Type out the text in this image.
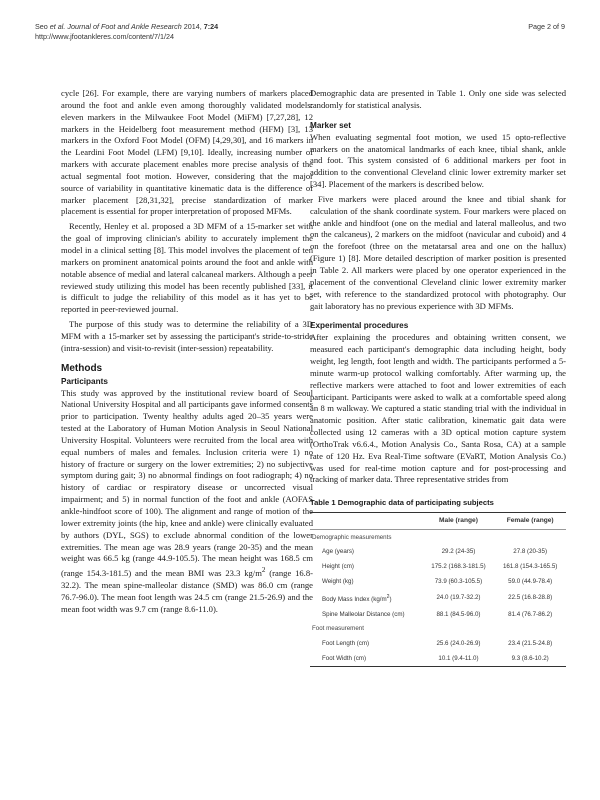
Seo et al. Journal of Foot and Ankle Research 2014, 7:24
http://www.jfootankleres.com/content/7/1/24
Page 2 of 9

cycle [26]. For example, there are varying numbers of markers placed around the foot and ankle even among thoroughly validated models: eleven markers in the Milwaukee Foot Model (MiFM) [7,27,28], 12 markers in the Heidelberg foot measurement method (HFM) [3], 13 markers in the Oxford Foot Model (OFM) [4,29,30], and 16 markers in the Leardini Foot Model (LFM) [9,10]. Ideally, increasing number of markers with accurate placement enables more precise analysis of the actual segmental foot motion. However, considering that the major source of variability in quantitative kinematic data is the difference of marker placement [28,31,32], precise standardization of marker placement is essential for proper interpretation of proposed MFMs.

Recently, Henley et al. proposed a 3D MFM of a 15-marker set with the goal of improving clinician's ability to accurately implement the model in a clinical setting [8]. This model involves the placement of ten markers on prominent anatomical points around the foot and ankle with notable absence of medial and lateral calcaneal markers. Although a peer reviewed study utilizing this model has been recently published [33], it is difficult to judge the reliability of this model as it has yet to be reported in peer-reviewed journal.

The purpose of this study was to determine the reliability of a 3D MFM with a 15-marker set by assessing the participant's stride-to-stride (intra-session) and visit-to-revisit (inter-session) repeatability.

Methods
Participants

This study was approved by the institutional review board of Seoul National University Hospital and all participants gave informed consents prior to participation. Twenty healthy adults aged 20–35 years were tested at the Laboratory of Human Motion Analysis in Seoul National University Hospital. Volunteers were recruited from the local area with equal numbers of males and females. Inclusion criteria were 1) no history of fracture or surgery on the lower extremities; 2) no subjective symptom during gait; 3) no abnormal findings on foot radiograph; 4) no history of cardiac or respiratory disease or uncorrected visual impairment; and 5) in normal function of the foot and ankle (AOFAS ankle-hindfoot score of 100). The alignment and range of motion of the lower extremity joints (the hip, knee and ankle) were clinically evaluated by authors (DYL, SGS) to exclude abnormal condition of the lower extremities. The mean age was 28.9 years (range 20-35) and the mean weight was 66.5 kg (range 44.9-105.5). The mean height was 168.5 cm (range 154.3-181.5) and the mean BMI was 23.3 $kg/m^2$ (range 16.8-32.2). The mean spine-malleolar distance (SMD) was 86.0 cm (range 76.7-96.0). The mean foot length was 24.5 cm (range 21.5-26.9) and the mean foot width was 9.7 cm (range 8.6-11.0).

Demographic data are presented in Table 1. Only one side was selected randomly for statistical analysis.

Marker set

When evaluating segmental foot motion, we used 15 opto-reflective markers on the anatomical landmarks of each knee, tibial shank, ankle and foot. This system consisted of 6 additional markers per foot in addition to the conventional Cleveland clinic lower extremity marker set [34]. Placement of the markers is described below.

Five markers were placed around the knee and tibial shank for calculation of the shank coordinate system. Four markers were placed on the ankle and hindfoot (one on the medial and lateral malleolus, and two on the calcaneus), 2 markers on the midfoot (navicular and cuboid) and 4 on the forefoot (three on the metatarsal area and one on the hallux) (Figure 1) [8]. More detailed description of marker position is presented in Table 2. All markers were placed by one operator experienced in the placement of the conventional Cleveland clinic lower extremity marker set, with reference to the standardized protocol with photography. Our gait laboratory has no previous experience with 3D MFMs.

Experimental procedures

After explaining the procedures and obtaining written consent, we measured each participant's demographic data including height, body weight, leg length, foot length and width. The participants performed a 5-minute warm-up protocol walking comfortably. After warming up, the reflective markers were attached to foot and lower extremities of each participant. Participants were asked to walk at a comfortable speed along an 8 m walkway. We captured a static standing trial with the individual in anatomic position. After static calibration, kinematic gait data were collected using 12 cameras with a 3D optical motion capture system (OrthoTrak v6.6.4., Motion Analysis Co., Santa Rosa, CA) at a sample rate of 120 Hz. Eva Real-Time software (EVaRT, Motion Analysis Co.) was used for real-time motion capture and for post-processing and tracking of marker data. Three representative strides from

Table 1 Demographic data of participating subjects
	Male (range)	Female (range)
Demographic measurements		
Age (years)	29.2 (24-35)	27.8 (20-35)
Height (cm)	175.2 (168.3-181.5)	161.8 (154.3-165.5)
Weight (kg)	73.9 (60.3-105.5)	59.0 (44.9-78.4)
Body Mass Index $(kg/m^2)$	24.0 (19.7-32.2)	22.5 (16.8-28.8)
Spine Malleolar Distance (cm)	88.1 (84.5-96.0)	81.4 (76.7-86.2)
Foot measurement		
Foot Length (cm)	25.6 (24.0-26.9)	23.4 (21.5-24.8)
Foot Width (cm)	10.1 (9.4-11.0)	9.3 (8.6-10.2)
